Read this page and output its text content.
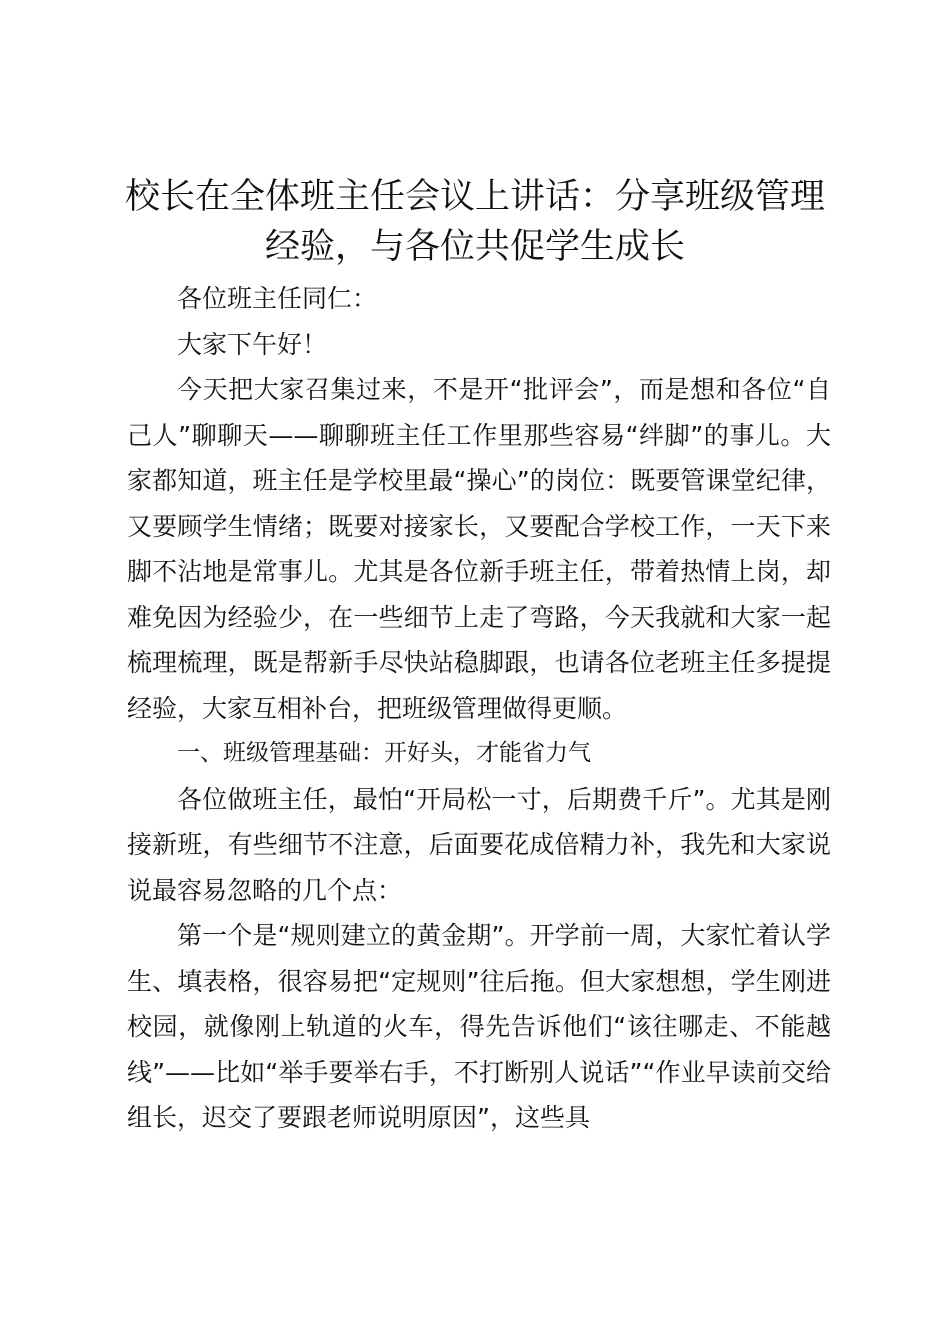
校长在全体班主任会议上讲话：分享班级管理经验，与各位共促学生成长

各位班主任同仁：

大家下午好！

今天把大家召集过来，不是开“批评会”，而是想和各位“自己人”聊聊天——聊聊班主任工作里那些容易“绊脚”的事儿。大家都知道，班主任是学校里最“操心”的岗位：既要管课堂纪律，又要顾学生情绪；既要对接家长，又要配合学校工作，一天下来脚不沾地是常事儿。尤其是各位新手班主任，带着热情上岗，却难免因为经验少，在一些细节上走了弯路，今天我就和大家一起梳理梳理，既是帮新手尽快站稳脚跟，也请各位老班主任多提提经验，大家互相补台，把班级管理做得更顺。

一、班级管理基础：开好头，才能省力气

各位做班主任，最怕“开局松一寸，后期费千斤”。尤其是刚接新班，有些细节不注意，后面要花成倍精力补，我先和大家说说最容易忽略的几个点：

第一个是“规则建立的黄金期”。开学前一周，大家忙着认学生、填表格，很容易把“定规则”往后拖。但大家想想，学生刚进校园，就像刚上轨道的火车，得先告诉他们“该往哪走、不能越线”——比如“举手要举右手，不打断别人说话”“作业早读前交给组长，迟交了要跟老师说明原因”，这些具
